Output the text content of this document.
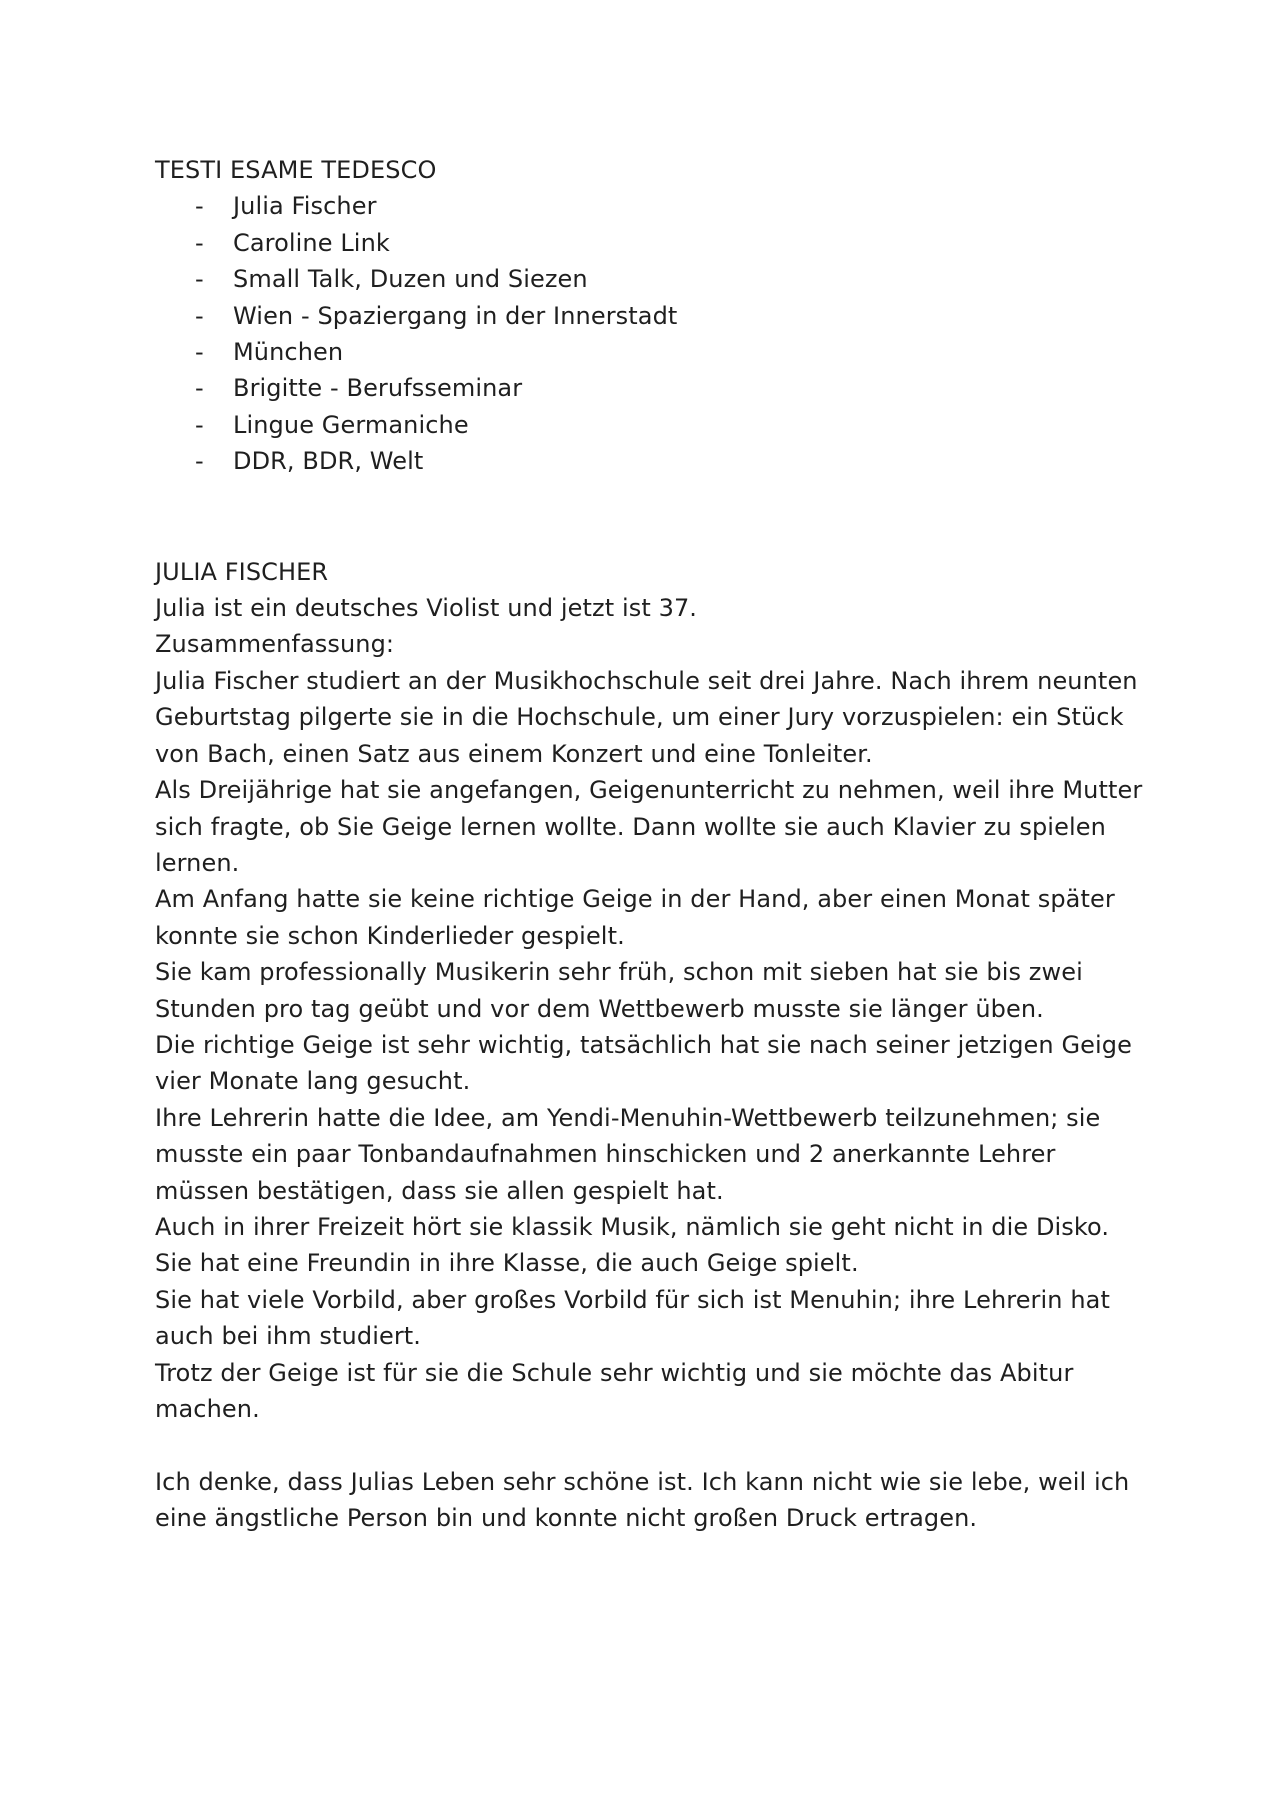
TESTI ESAME TEDESCO

- Julia Fischer
- Caroline Link
- Small Talk, Duzen und Siezen
- Wien - Spaziergang in der Innerstadt
- München
- Brigitte - Berufsseminar
- Lingue Germaniche
- DDR, BDR, Welt

JULIA FISCHER

Julia ist ein deutsches Violist und jetzt ist 37.

Zusammenfassung:

Julia Fischer studiert an der Musikhochschule seit drei Jahre. Nach ihrem neunten Geburtstag pilgerte sie in die Hochschule, um einer Jury vorzuspielen: ein Stück von Bach, einen Satz aus einem Konzert und eine Tonleiter.

Als Dreijährige hat sie angefangen, Geigenunterricht zu nehmen, weil ihre Mutter sich fragte, ob Sie Geige lernen wollte. Dann wollte sie auch Klavier zu spielen lernen.

Am Anfang hatte sie keine richtige Geige in der Hand, aber einen Monat später konnte sie schon Kinderlieder gespielt.

Sie kam professionally Musikerin sehr früh, schon mit sieben hat sie bis zwei Stunden pro tag geübt und vor dem Wettbewerb musste sie länger üben.

Die richtige Geige ist sehr wichtig, tatsächlich hat sie nach seiner jetzigen Geige vier Monate lang gesucht.

Ihre Lehrerin hatte die Idee, am Yendi-Menuhin-Wettbewerb teilzunehmen; sie musste ein paar Tonbandaufnahmen hinschicken und 2 anerkannte Lehrer müssen bestätigen, dass sie allen gespielt hat.

Auch in ihrer Freizeit hört sie klassik Musik, nämlich sie geht nicht in die Disko. Sie hat eine Freundin in ihre Klasse, die auch Geige spielt.

Sie hat viele Vorbild, aber großes Vorbild für sich ist Menuhin; ihre Lehrerin hat auch bei ihm studiert.

Trotz der Geige ist für sie die Schule sehr wichtig und sie möchte das Abitur machen.

Ich denke, dass Julias Leben sehr schöne ist. Ich kann nicht wie sie lebe, weil ich eine ängstliche Person bin und konnte nicht großen Druck ertragen.
